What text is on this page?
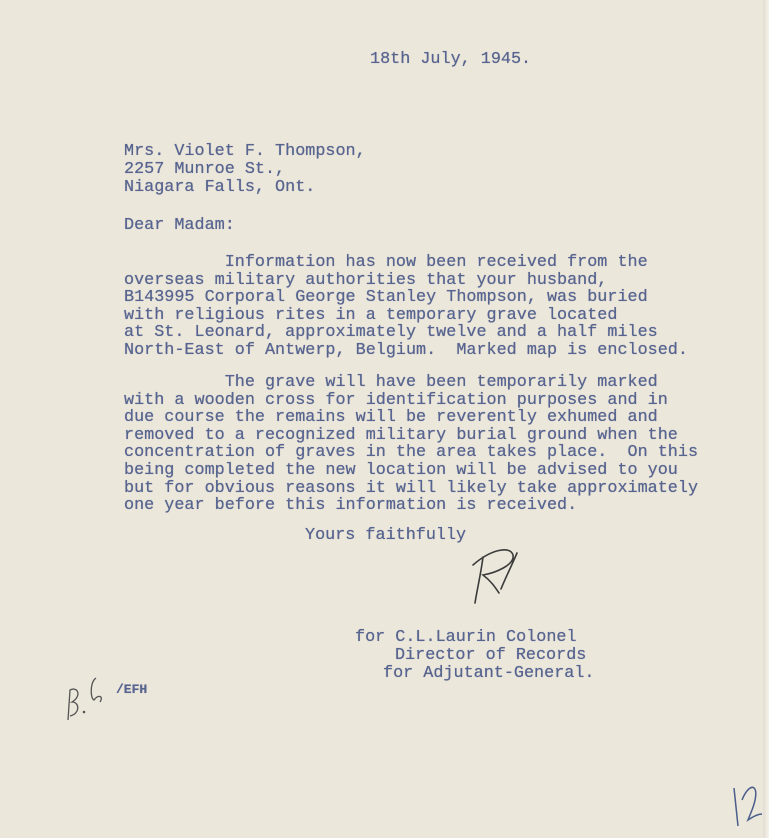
18th July, 1945.
Mrs. Violet F. Thompson,
2257 Munroe St.,
Niagara Falls, Ont.
Dear Madam:
Information has now been received from the
overseas military authorities that your husband,
B143995 Corporal George Stanley Thompson, was buried
with religious rites in a temporary grave located
at St. Leonard, approximately twelve and a half miles
North-East of Antwerp, Belgium.  Marked map is enclosed.
The grave will have been temporarily marked
with a wooden cross for identification purposes and in
due course the remains will be reverently exhumed and
removed to a recognized military burial ground when the
concentration of graves in the area takes place.  On this
being completed the new location will be advised to you
but for obvious reasons it will likely take approximately
one year before this information is received.
Yours faithfully
for C.L.Laurin Colonel
Director of Records
for Adjutant-General.
/EFH
